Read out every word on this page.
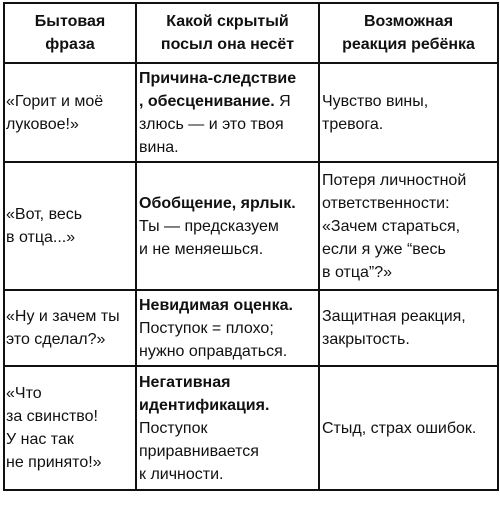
Бытовая
фраза	Какой скрытый
посыл она несёт	Возможная
реакция ребёнка

«Горит и моё
луковое!»	Причина-следствие
, обесценивание. Я
злюсь — и это твоя
вина.	Чувство вины,
тревога.

«Вот, весь
в отца...»	Обобщение, ярлык.
Ты — предсказуем
и не меняешься.	Потеря личностной
ответственности:
«Зачем стараться,
если я уже “весь
в отца”?»

«Ну и зачем ты
это сделал?»	Невидимая оценка.
Поступок = плохо;
нужно оправдаться.	Защитная реакция,
закрытость.

«Что
за свинство!
У нас так
не принято!»	Негативная
идентификация.
Поступок
приравнивается
к личности.	Стыд, страх ошибок.
